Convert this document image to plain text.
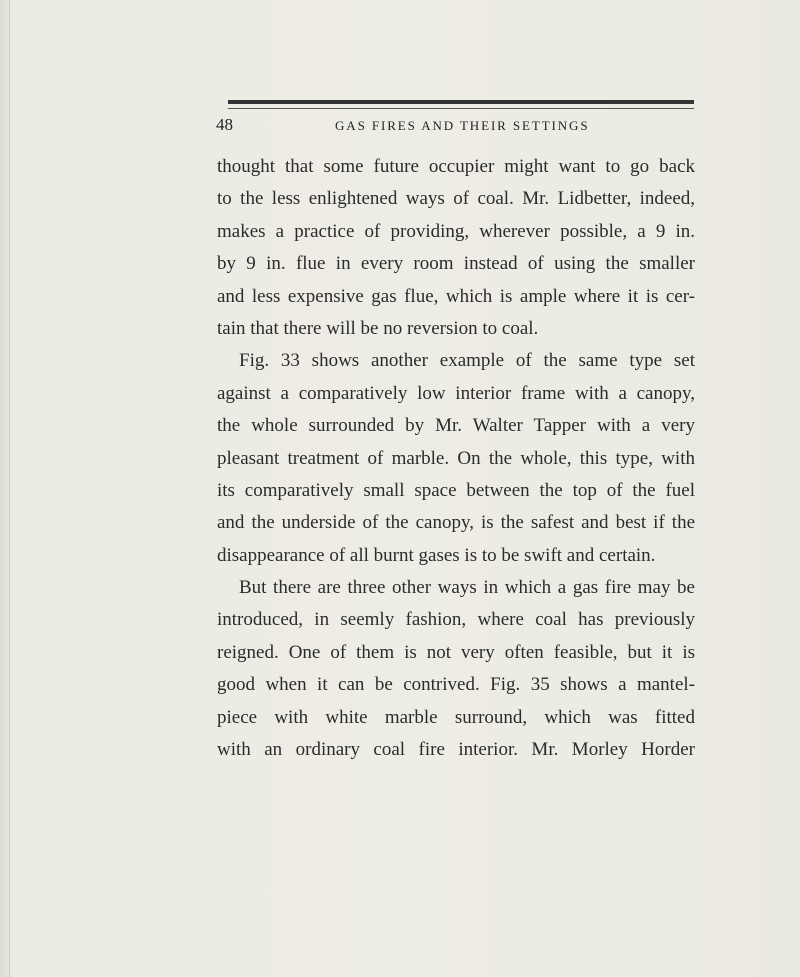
48	GAS FIRES AND THEIR SETTINGS
thought that some future occupier might want to go back
to the less enlightened ways of coal. Mr. Lidbetter, indeed,
makes a practice of providing, wherever possible, a 9 in.
by 9 in. flue in every room instead of using the smaller
and less expensive gas flue, which is ample where it is cer-
tain that there will be no reversion to coal.
Fig. 33 shows another example of the same type set
against a comparatively low interior frame with a canopy,
the whole surrounded by Mr. Walter Tapper with a very
pleasant treatment of marble. On the whole, this type, with
its comparatively small space between the top of the fuel
and the underside of the canopy, is the safest and best if the
disappearance of all burnt gases is to be swift and certain.
But there are three other ways in which a gas fire may be
introduced, in seemly fashion, where coal has previously
reigned. One of them is not very often feasible, but it is
good when it can be contrived. Fig. 35 shows a mantel-
piece with white marble surround, which was fitted
with an ordinary coal fire interior. Mr. Morley Horder
